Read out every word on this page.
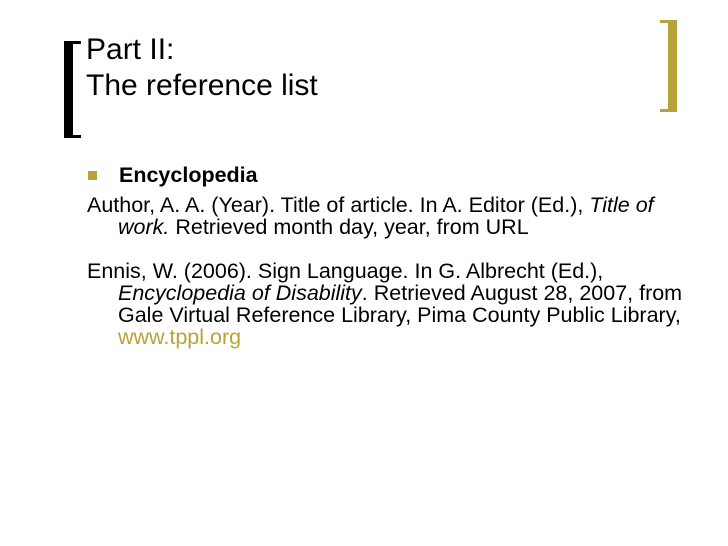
Part II:
The reference list
Encyclopedia

Author, A. A. (Year). Title of article. In A. Editor (Ed.), Title of work. Retrieved month day, year, from URL

Ennis, W. (2006). Sign Language. In G. Albrecht (Ed.), Encyclopedia of Disability. Retrieved August 28, 2007, from Gale Virtual Reference Library, Pima County Public Library, www.tppl.org
